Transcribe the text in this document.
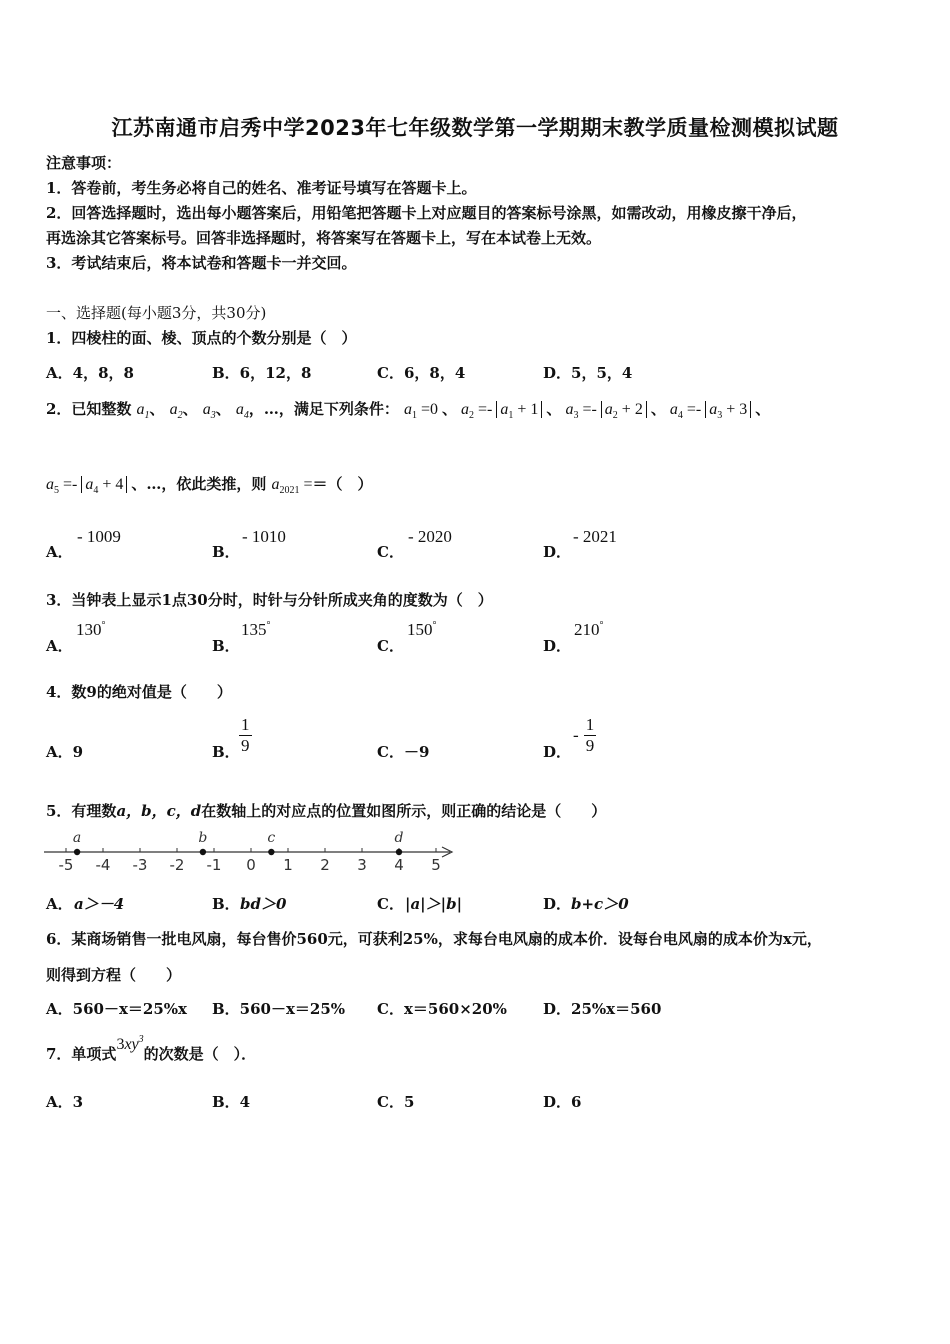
江苏南通市启秀中学2023年七年级数学第一学期期末教学质量检测模拟试题
注意事项：
1．答卷前，考生务必将自己的姓名、准考证号填写在答题卡上。
2．回答选择题时，选出每小题答案后，用铅笔把答题卡上对应题目的答案标号涂黑，如需改动，用橡皮擦干净后，
再选涂其它答案标号。回答非选择题时，将答案写在答题卡上，写在本试卷上无效。
3．考试结束后，将本试卷和答题卡一并交回。
一、选择题(每小题3分，共30分)
1．四棱柱的面、棱、顶点的个数分别是（　）
A．4，8，8	B．6，12，8	C．6，8，4	D．5，5，4
2．已知整数 $a_1$、 $a_2$、 $a_3$、 $a_4$，…，满足下列条件： $a_1 =0$ 、 $a_2 =- a_1 + 1$ 、 $a_3 =- a_2 + 2$ 、 $a_4 =- a_3 + 3$ 、
$a_5 =- a_4 + 4$ 、…，依此类推，则 $a_{2021}$ =＝（　）
A．
- 1009
B．
- 1010
C．
- 2020
D．
- 2021
3．当钟表上显示1点30分时，时针与分针所成夹角的度数为（　）
A．
130°
B．
135°
C．
150°
D．
210°
4．数9的绝对值是（　　）
A．9	B． $\frac{1}{9}$	C．－9	D．
- $\frac{1}{9}$
5．有理数a，b，c，d在数轴上的对应点的位置如图所示，则正确的结论是（　　）
-5 -4 -3 -2 -1 0 1 2 3 4 5
a	b	c	d
A． a＞－4	B． bd＞0	C． |a|＞|b|	D． b+c＞0
6．某商场销售一批电风扇，每台售价560元，可获利25%，求每台电风扇的成本价．设每台电风扇的成本价为x元，
则得到方程（　　）
A．560－x＝25%x B．560－x＝25% C．x＝560×20% D．25%x＝560
7．单项式$3xy^3$的次数是（　）．
A．3	B．4	C．5	D．6
